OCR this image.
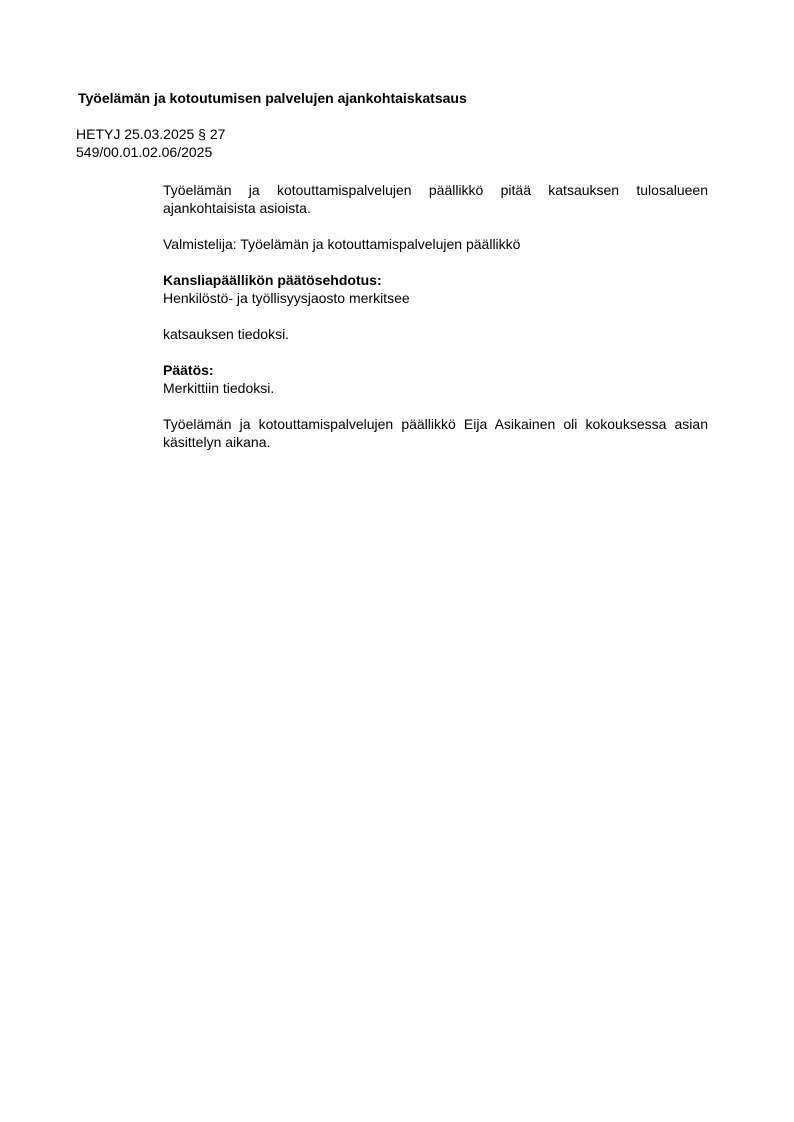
Työelämän ja kotoutumisen palvelujen ajankohtaiskatsaus
HETYJ 25.03.2025 § 27
549/00.01.02.06/2025

Työelämän ja kotouttamispalvelujen päällikkö pitää katsauksen tulosalueen ajankohtaisista asioista.

Valmistelija: Työelämän ja kotouttamispalvelujen päällikkö

Kansliapäällikön päätösehdotus:
Henkilöstö- ja työllisyysjaosto merkitsee

katsauksen tiedoksi.

Päätös:
Merkittiin tiedoksi.

Työelämän ja kotouttamispalvelujen päällikkö Eija Asikainen oli kokouksessa asian käsittelyn aikana.
